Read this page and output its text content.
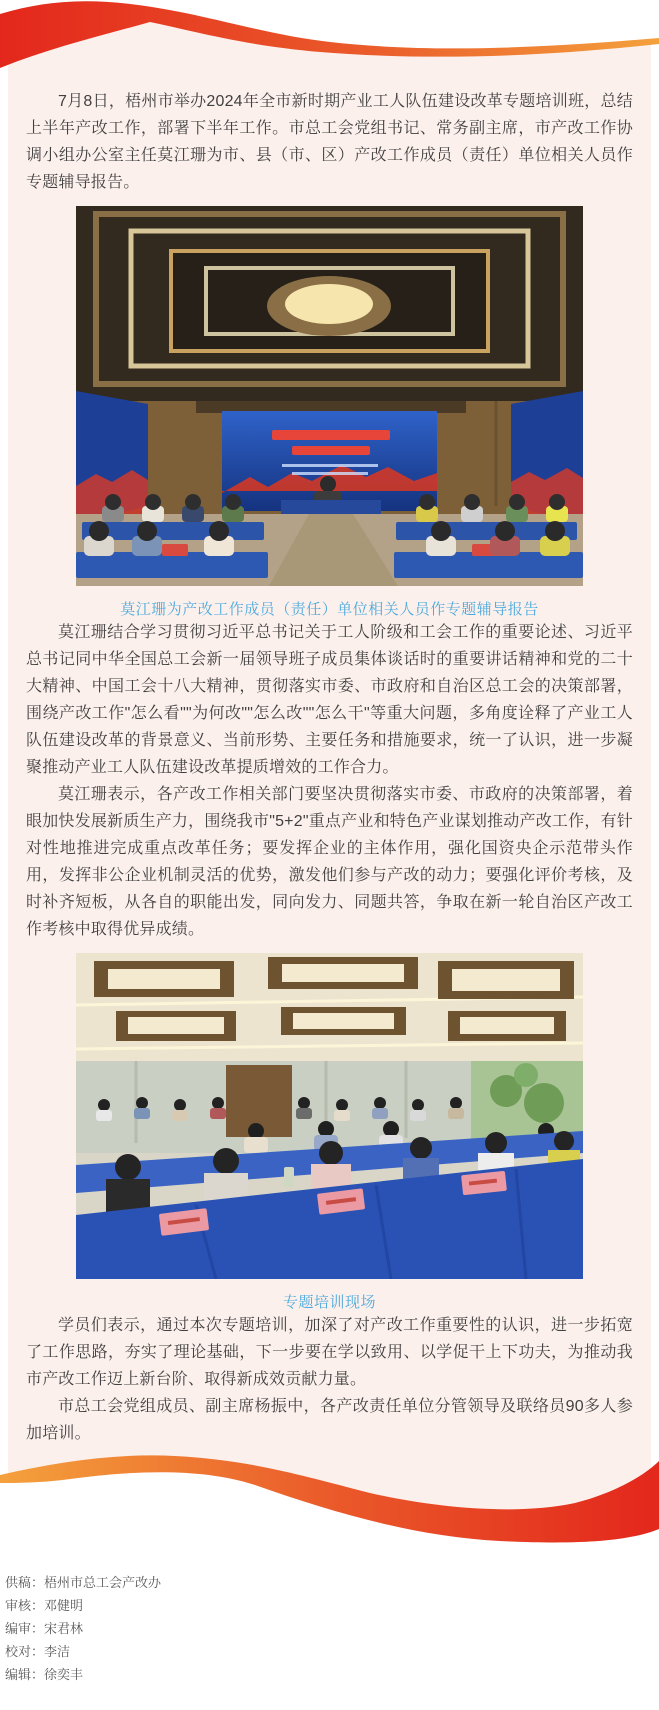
7月8日，梧州市举办2024年全市新时期产业工人队伍建设改革专题培训班，总结上半年产改工作，部署下半年工作。市总工会党组书记、常务副主席，市产改工作协调小组办公室主任莫江珊为市、县（市、区）产改工作成员（责任）单位相关人员作专题辅导报告。

莫江珊为产改工作成员（责任）单位相关人员作专题辅导报告

莫江珊结合学习贯彻习近平总书记关于工人阶级和工会工作的重要论述、习近平总书记同中华全国总工会新一届领导班子成员集体谈话时的重要讲话精神和党的二十大精神、中国工会十八大精神，贯彻落实市委、市政府和自治区总工会的决策部署，围绕产改工作"怎么看""为何改""怎么改""怎么干"等重大问题，多角度诠释了产业工人队伍建设改革的背景意义、当前形势、主要任务和措施要求，统一了认识，进一步凝聚推动产业工人队伍建设改革提质增效的工作合力。

莫江珊表示，各产改工作相关部门要坚决贯彻落实市委、市政府的决策部署，着眼加快发展新质生产力，围绕我市"5+2"重点产业和特色产业谋划推动产改工作，有针对性地推进完成重点改革任务；要发挥企业的主体作用，强化国资央企示范带头作用，发挥非公企业机制灵活的优势，激发他们参与产改的动力；要强化评价考核，及时补齐短板，从各自的职能出发，同向发力、同题共答，争取在新一轮自治区产改工作考核中取得优异成绩。

专题培训现场

学员们表示，通过本次专题培训，加深了对产改工作重要性的认识，进一步拓宽了工作思路，夯实了理论基础，下一步要在学以致用、以学促干上下功夫，为推动我市产改工作迈上新台阶、取得新成效贡献力量。

市总工会党组成员、副主席杨振中，各产改责任单位分管领导及联络员90多人参加培训。

供稿：梧州市总工会产改办
审核：邓健明
编审：宋君林
校对：李洁
编辑：徐奕丰
